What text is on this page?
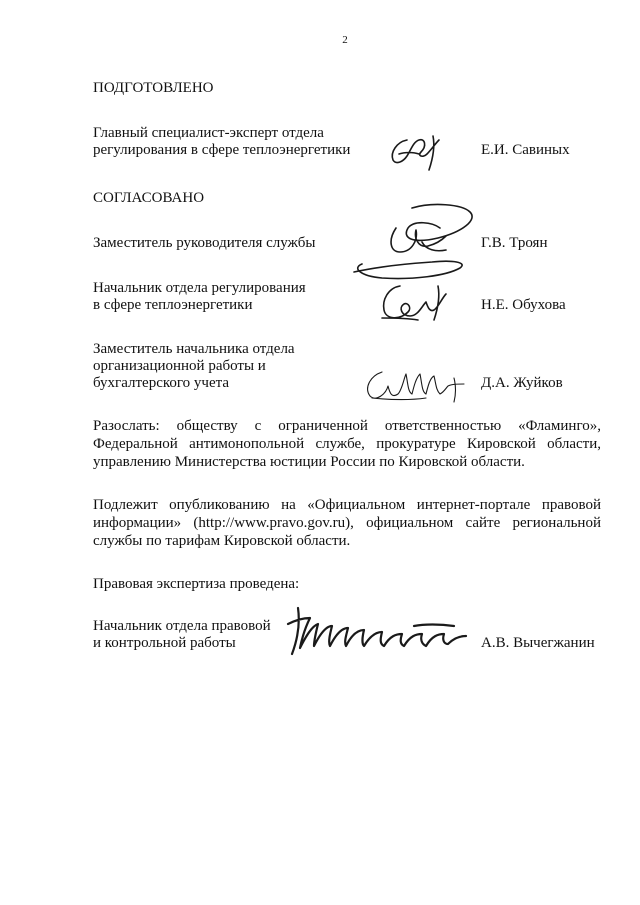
2
ПОДГОТОВЛЕНО
Главный специалист-эксперт отдела
регулирования в сфере теплоэнергетики	Е.И. Савиных
СОГЛАСОВАНО
Заместитель руководителя службы	Г.В. Троян
Начальник отдела регулирования
в сфере теплоэнергетики	Н.Е. Обухова
Заместитель начальника отдела
организационной работы и
бухгалтерского учета	Д.А. Жуйков
Разослать: обществу с ограниченной ответственностью «Фламинго»,
Федеральной антимонопольной службе, прокуратуре Кировской области,
управлению Министерства юстиции России по Кировской области.
Подлежит опубликованию на «Официальном интернет-портале правовой
информации» (http://www.pravo.gov.ru), официальном сайте региональной
службы по тарифам Кировской области.
Правовая экспертиза проведена:
Начальник отдела правовой
и контрольной работы	А.В. Вычегжанин
